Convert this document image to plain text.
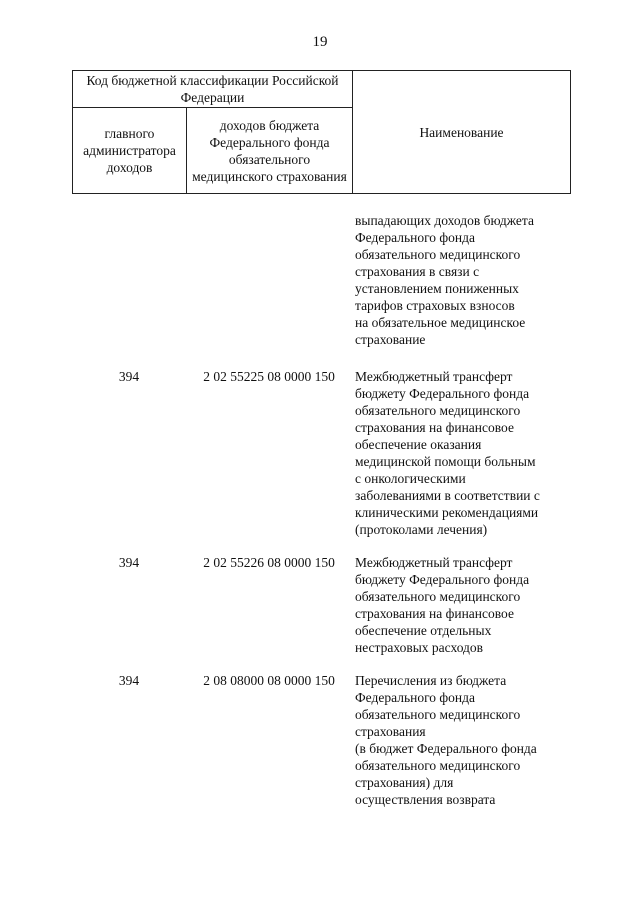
19
Код бюджетной классификации Российской Федерации		Наименование
главного администратора доходов	доходов бюджета Федерального фонда обязательного медицинского страхования	
выпадающих доходов бюджета
Федерального фонда
обязательного медицинского
страхования в связи с
установлением пониженных
тарифов страховых взносов
на обязательное медицинское
страхование
394	2 02 55225 08 0000 150	Межбюджетный трансферт
бюджету Федерального фонда
обязательного медицинского
страхования на финансовое
обеспечение оказания
медицинской помощи больным
с онкологическими
заболеваниями в соответствии с
клиническими рекомендациями
(протоколами лечения)
394	2 02 55226 08 0000 150	Межбюджетный трансферт
бюджету Федерального фонда
обязательного медицинского
страхования на финансовое
обеспечение отдельных
нестраховых расходов
394	2 08 08000 08 0000 150	Перечисления из бюджета
Федерального фонда
обязательного медицинского
страхования
(в бюджет Федерального фонда
обязательного медицинского
страхования) для
осуществления возврата
